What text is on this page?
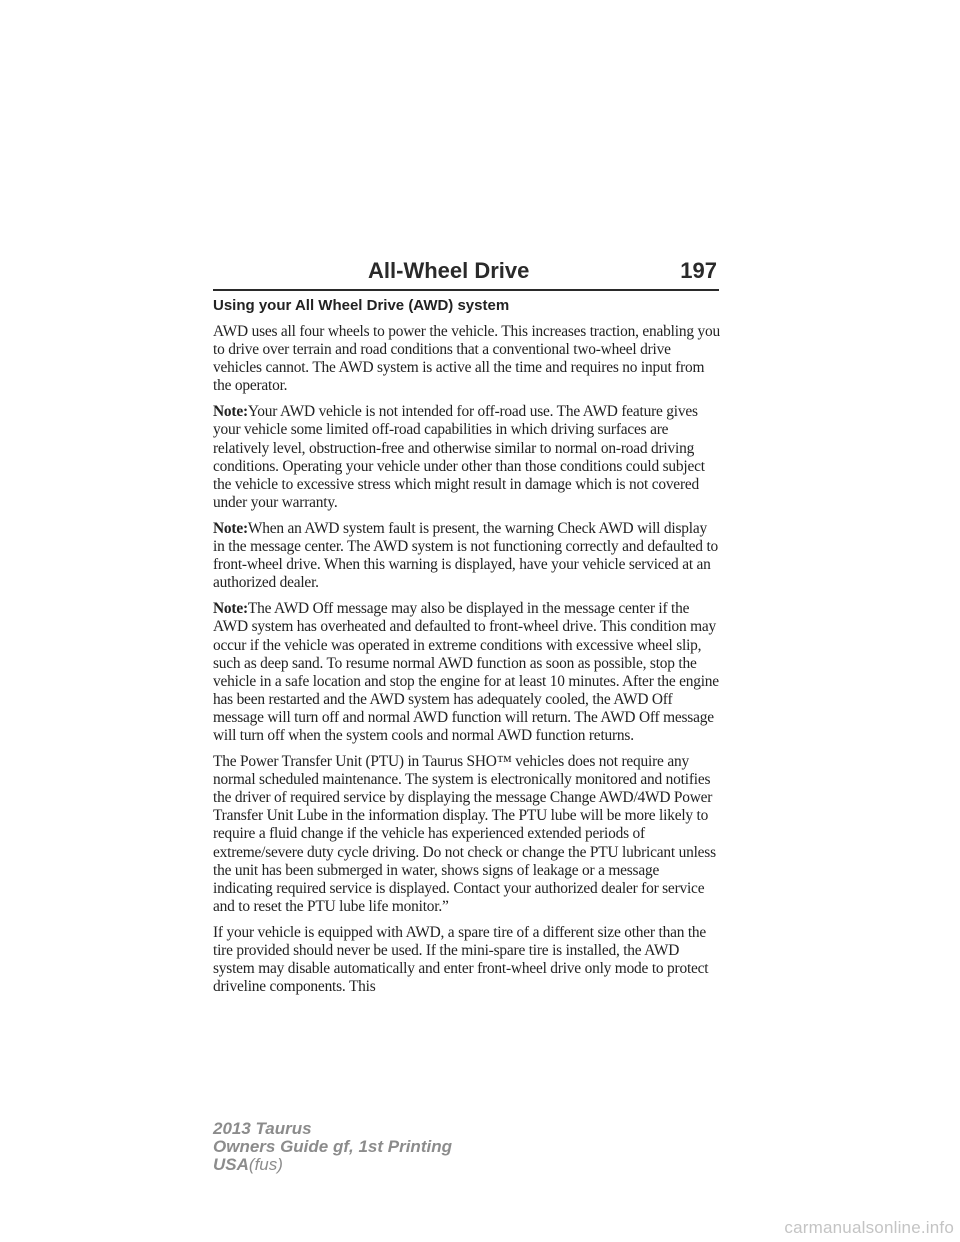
All-Wheel Drive	197
Using your All Wheel Drive (AWD) system

AWD uses all four wheels to power the vehicle. This increases traction, enabling you to drive over terrain and road conditions that a conventional two-wheel drive vehicles cannot. The AWD system is active all the time and requires no input from the operator.

Note:Your AWD vehicle is not intended for off-road use. The AWD feature gives your vehicle some limited off-road capabilities in which driving surfaces are relatively level, obstruction-free and otherwise similar to normal on-road driving conditions. Operating your vehicle under other than those conditions could subject the vehicle to excessive stress which might result in damage which is not covered under your warranty.

Note:When an AWD system fault is present, the warning Check AWD will display in the message center. The AWD system is not functioning correctly and defaulted to front-wheel drive. When this warning is displayed, have your vehicle serviced at an authorized dealer.

Note:The AWD Off message may also be displayed in the message center if the AWD system has overheated and defaulted to front-wheel drive. This condition may occur if the vehicle was operated in extreme conditions with excessive wheel slip, such as deep sand. To resume normal AWD function as soon as possible, stop the vehicle in a safe location and stop the engine for at least 10 minutes. After the engine has been restarted and the AWD system has adequately cooled, the AWD Off message will turn off and normal AWD function will return. The AWD Off message will turn off when the system cools and normal AWD function returns.

The Power Transfer Unit (PTU) in Taurus SHO™ vehicles does not require any normal scheduled maintenance. The system is electronically monitored and notifies the driver of required service by displaying the message Change AWD/4WD Power Transfer Unit Lube in the information display. The PTU lube will be more likely to require a fluid change if the vehicle has experienced extended periods of extreme/severe duty cycle driving. Do not check or change the PTU lubricant unless the unit has been submerged in water, shows signs of leakage or a message indicating required service is displayed. Contact your authorized dealer for service and to reset the PTU lube life monitor.”

If your vehicle is equipped with AWD, a spare tire of a different size other than the tire provided should never be used. If the mini-spare tire is installed, the AWD system may disable automatically and enter front-wheel drive only mode to protect driveline components. This

2013 Taurus
Owners Guide gf, 1st Printing
USA(fus)
carmanualsonline.info
